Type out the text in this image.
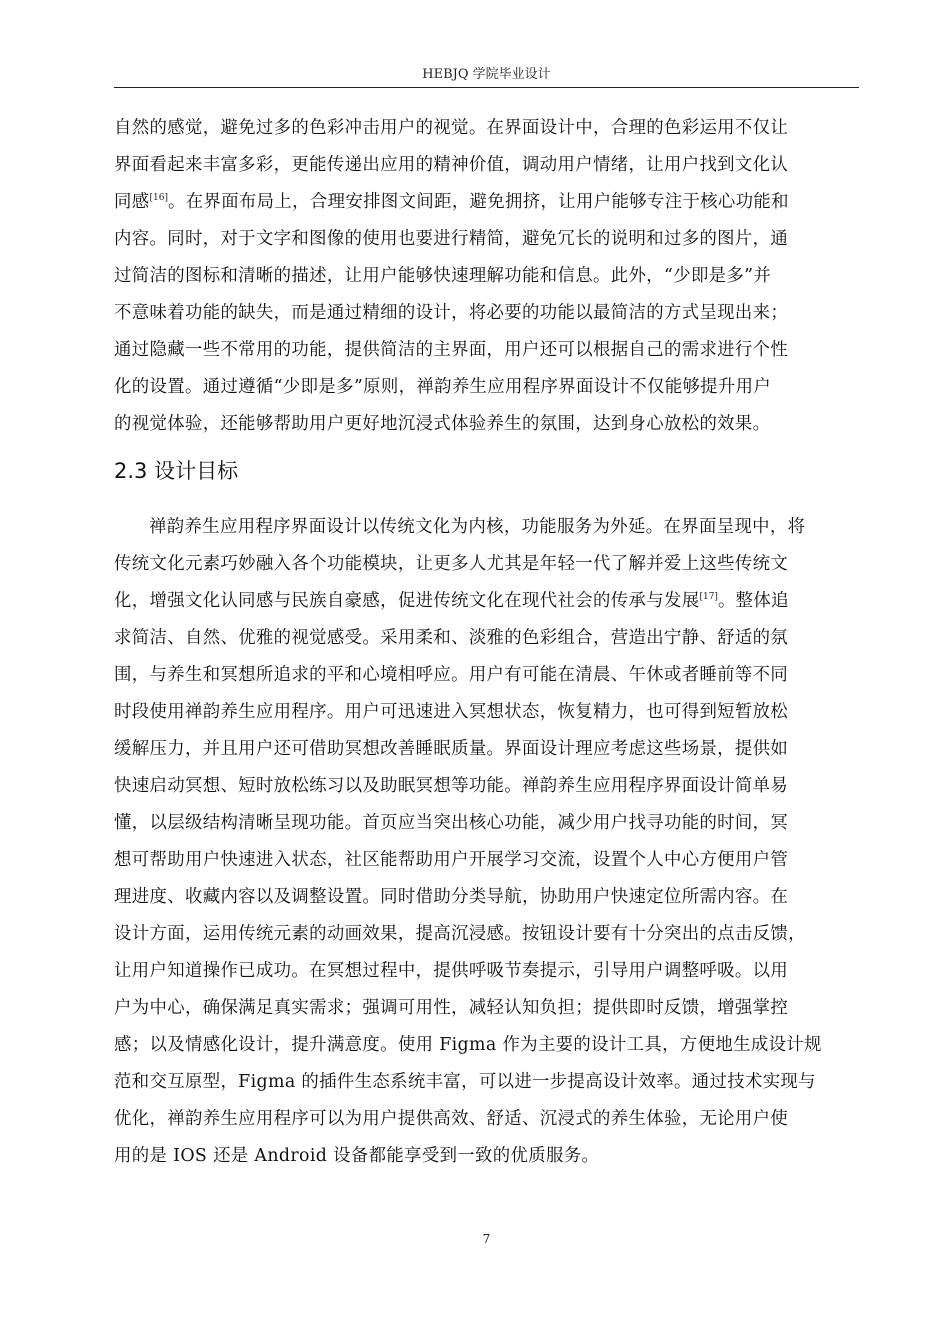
HEBJQ 学院毕业设计
自然的感觉，避免过多的色彩冲击用户的视觉。在界面设计中，合理的色彩运用不仅让
界面看起来丰富多彩，更能传递出应用的精神价值，调动用户情绪，让用户找到文化认
同感[16]。在界面布局上，合理安排图文间距，避免拥挤，让用户能够专注于核心功能和
内容。同时，对于文字和图像的使用也要进行精简，避免冗长的说明和过多的图片，通
过简洁的图标和清晰的描述，让用户能够快速理解功能和信息。此外，“少即是多”并
不意味着功能的缺失，而是通过精细的设计，将必要的功能以最简洁的方式呈现出来；
通过隐藏一些不常用的功能，提供简洁的主界面，用户还可以根据自己的需求进行个性
化的设置。通过遵循“少即是多”原则，禅韵养生应用程序界面设计不仅能够提升用户
的视觉体验，还能够帮助用户更好地沉浸式体验养生的氛围，达到身心放松的效果。
2.3 设计目标
禅韵养生应用程序界面设计以传统文化为内核，功能服务为外延。在界面呈现中，将
传统文化元素巧妙融入各个功能模块，让更多人尤其是年轻一代了解并爱上这些传统文
化，增强文化认同感与民族自豪感，促进传统文化在现代社会的传承与发展[17]。整体追
求简洁、自然、优雅的视觉感受。采用柔和、淡雅的色彩组合，营造出宁静、舒适的氛
围，与养生和冥想所追求的平和心境相呼应。用户有可能在清晨、午休或者睡前等不同
时段使用禅韵养生应用程序。用户可迅速进入冥想状态，恢复精力，也可得到短暂放松
缓解压力，并且用户还可借助冥想改善睡眠质量。界面设计理应考虑这些场景，提供如
快速启动冥想、短时放松练习以及助眠冥想等功能。禅韵养生应用程序界面设计简单易
懂，以层级结构清晰呈现功能。首页应当突出核心功能，减少用户找寻功能的时间，冥
想可帮助用户快速进入状态，社区能帮助用户开展学习交流，设置个人中心方便用户管
理进度、收藏内容以及调整设置。同时借助分类导航，协助用户快速定位所需内容。在
设计方面，运用传统元素的动画效果，提高沉浸感。按钮设计要有十分突出的点击反馈，
让用户知道操作已成功。在冥想过程中，提供呼吸节奏提示，引导用户调整呼吸。以用
户为中心，确保满足真实需求；强调可用性，减轻认知负担；提供即时反馈，增强掌控
感；以及情感化设计，提升满意度。使用 Figma 作为主要的设计工具，方便地生成设计规
范和交互原型，Figma 的插件生态系统丰富，可以进一步提高设计效率。通过技术实现与
优化，禅韵养生应用程序可以为用户提供高效、舒适、沉浸式的养生体验，无论用户使
用的是 IOS 还是 Android 设备都能享受到一致的优质服务。
7
